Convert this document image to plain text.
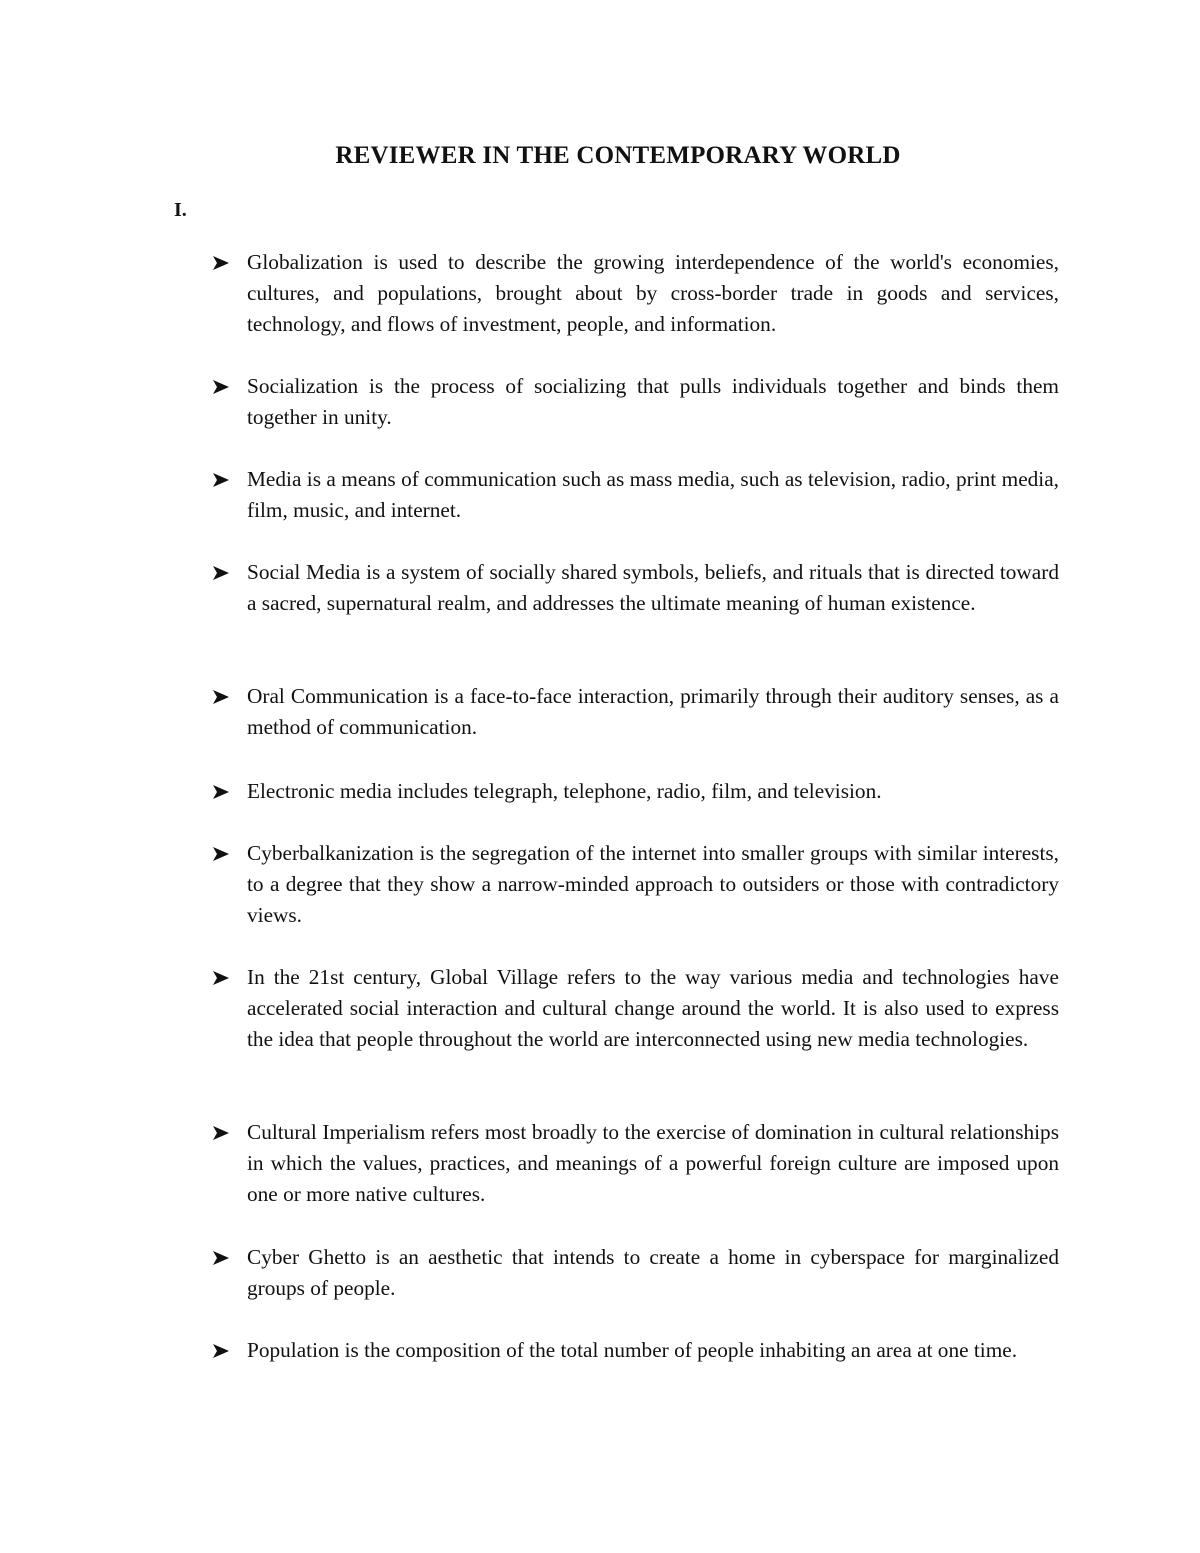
REVIEWER IN THE CONTEMPORARY WORLD
I.
Globalization is used to describe the growing interdependence of the world's economies, cultures, and populations, brought about by cross-border trade in goods and services, technology, and flows of investment, people, and information.
Socialization is the process of socializing that pulls individuals together and binds them together in unity.
Media is a means of communication such as mass media, such as television, radio, print media, film, music, and internet.
Social Media is a system of socially shared symbols, beliefs, and rituals that is directed toward a sacred, supernatural realm, and addresses the ultimate meaning of human existence.
Oral Communication is a face-to-face interaction, primarily through their auditory senses, as a method of communication.
Electronic media includes telegraph, telephone, radio, film, and television.
Cyberbalkanization is the segregation of the internet into smaller groups with similar interests, to a degree that they show a narrow-minded approach to outsiders or those with contradictory views.
In the 21st century, Global Village refers to the way various media and technologies have accelerated social interaction and cultural change around the world. It is also used to express the idea that people throughout the world are interconnected using new media technologies.
Cultural Imperialism refers most broadly to the exercise of domination in cultural relationships in which the values, practices, and meanings of a powerful foreign culture are imposed upon one or more native cultures.
Cyber Ghetto is an aesthetic that intends to create a home in cyberspace for marginalized groups of people.
Population is the composition of the total number of people inhabiting an area at one time.
